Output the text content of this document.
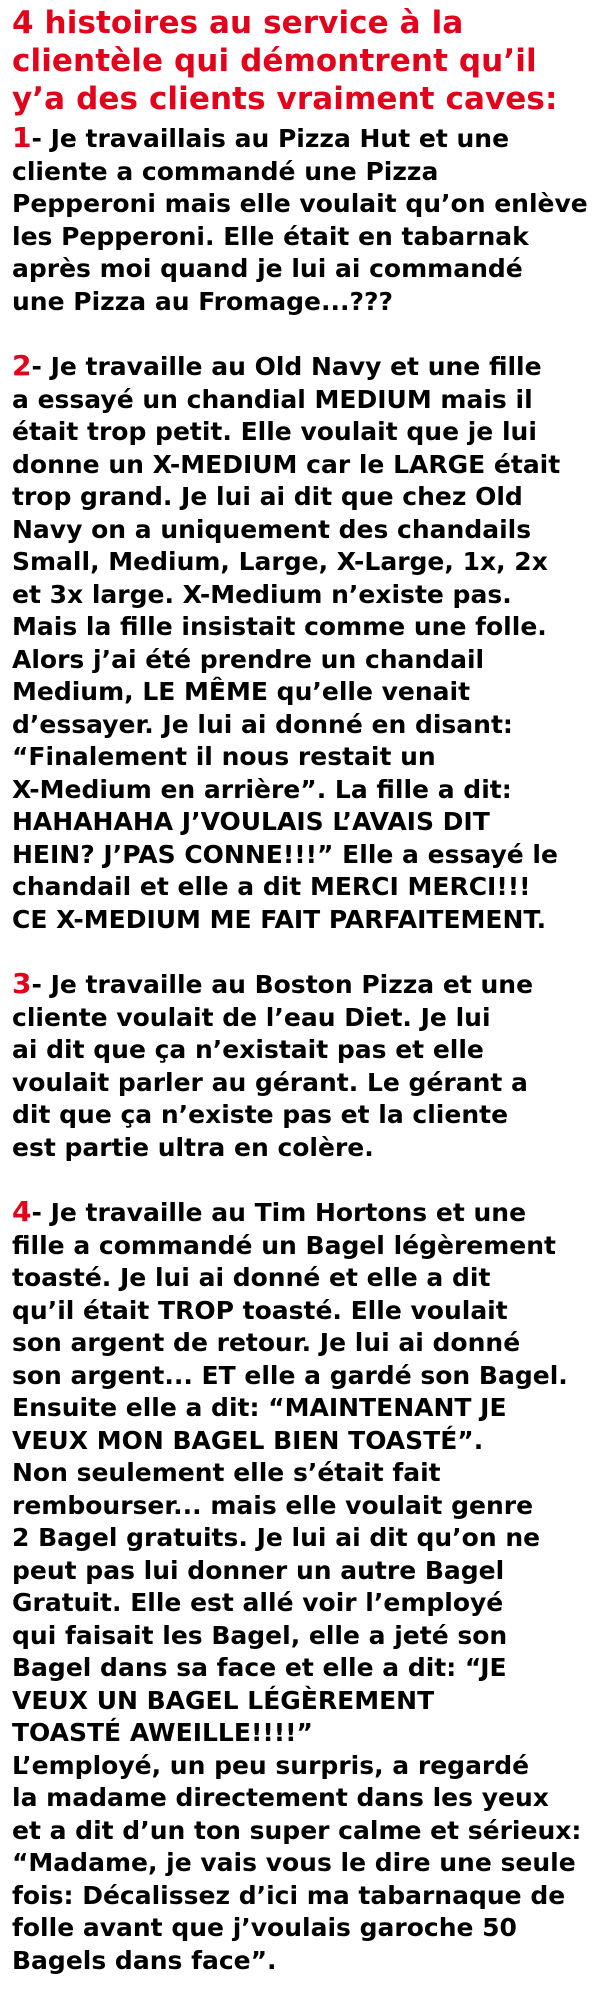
4 histoires au service à la
clientèle qui démontrent qu’il
y’a des clients vraiment caves:
1- Je travaillais au Pizza Hut et une
cliente a commandé une Pizza
Pepperoni mais elle voulait qu’on enlève
les Pepperoni. Elle était en tabarnak
après moi quand je lui ai commandé
une Pizza au Fromage...???
2- Je travaille au Old Navy et une fille
a essayé un chandial MEDIUM mais il
était trop petit. Elle voulait que je lui
donne un X-MEDIUM car le LARGE était
trop grand. Je lui ai dit que chez Old
Navy on a uniquement des chandails
Small, Medium, Large, X-Large, 1x, 2x
et 3x large. X-Medium n’existe pas.
Mais la fille insistait comme une folle.
Alors j’ai été prendre un chandail
Medium, LE MÊME qu’elle venait
d’essayer. Je lui ai donné en disant:
“Finalement il nous restait un
X-Medium en arrière”. La fille a dit:
HAHAHAHA J’VOULAIS L’AVAIS DIT
HEIN? J’PAS CONNE!!!” Elle a essayé le
chandail et elle a dit MERCI MERCI!!!
CE X-MEDIUM ME FAIT PARFAITEMENT.
3- Je travaille au Boston Pizza et une
cliente voulait de l’eau Diet. Je lui
ai dit que ça n’existait pas et elle
voulait parler au gérant. Le gérant a
dit que ça n’existe pas et la cliente
est partie ultra en colère.
4- Je travaille au Tim Hortons et une
fille a commandé un Bagel légèrement
toasté. Je lui ai donné et elle a dit
qu’il était TROP toasté. Elle voulait
son argent de retour. Je lui ai donné
son argent... ET elle a gardé son Bagel.
Ensuite elle a dit: “MAINTENANT JE
VEUX MON BAGEL BIEN TOASTÉ”.
Non seulement elle s’était fait
rembourser... mais elle voulait genre
2 Bagel gratuits. Je lui ai dit qu’on ne
peut pas lui donner un autre Bagel
Gratuit. Elle est allé voir l’employé
qui faisait les Bagel, elle a jeté son
Bagel dans sa face et elle a dit: “JE
VEUX UN BAGEL LÉGÈREMENT
TOASTÉ AWEILLE!!!!”
L’employé, un peu surpris, a regardé
la madame directement dans les yeux
et a dit d’un ton super calme et sérieux:
“Madame, je vais vous le dire une seule
fois: Décalissez d’ici ma tabarnaque de
folle avant que j’voulais garoche 50
Bagels dans face”.
